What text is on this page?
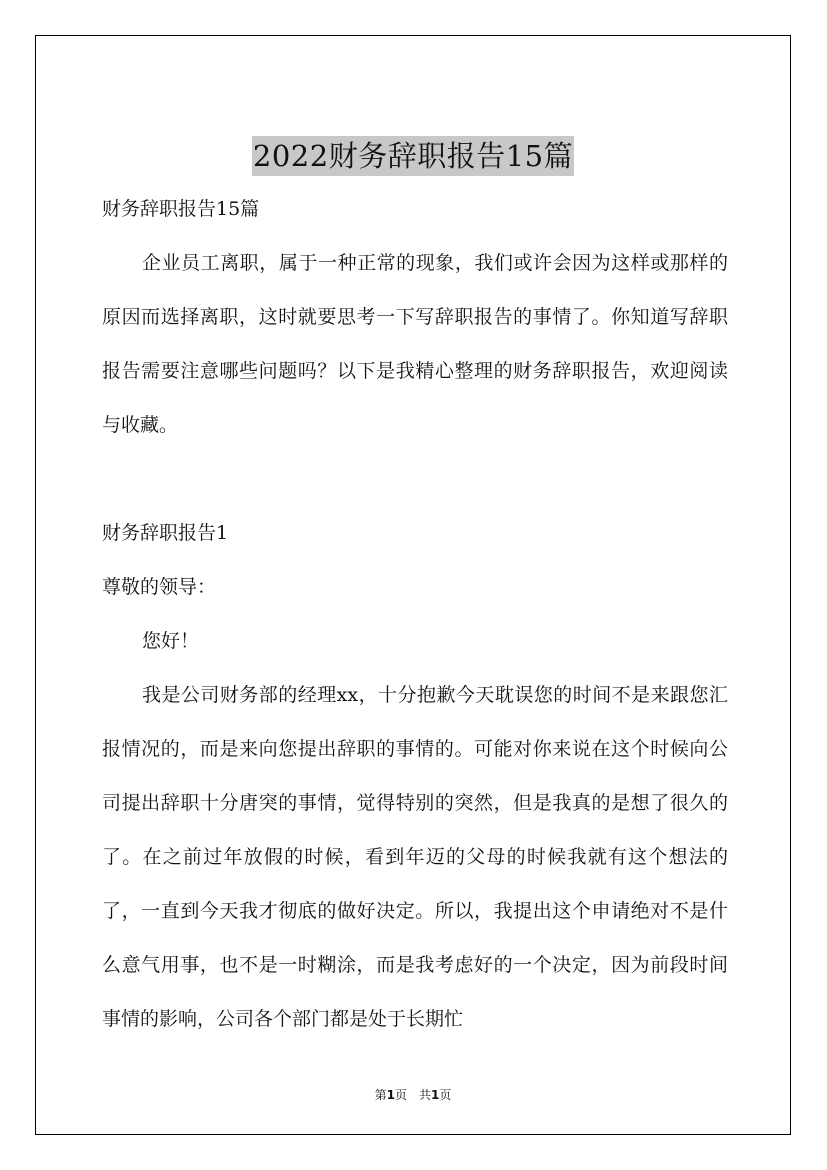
2022财务辞职报告15篇

财务辞职报告15篇

企业员工离职，属于一种正常的现象，我们或许会因为这样或那样的原因而选择离职，这时就要思考一下写辞职报告的事情了。你知道写辞职报告需要注意哪些问题吗？以下是我精心整理的财务辞职报告，欢迎阅读与收藏。

财务辞职报告1

尊敬的领导：

您好！

我是公司财务部的经理xx，十分抱歉今天耽误您的时间不是来跟您汇报情况的，而是来向您提出辞职的事情的。可能对你来说在这个时候向公司提出辞职十分唐突的事情，觉得特别的突然，但是我真的是想了很久的了。在之前过年放假的时候，看到年迈的父母的时候我就有这个想法的了，一直到今天我才彻底的做好决定。所以，我提出这个申请绝对不是什么意气用事，也不是一时糊涂，而是我考虑好的一个决定，因为前段时间事情的影响，公司各个部门都是处于长期忙

第1页　共1页
